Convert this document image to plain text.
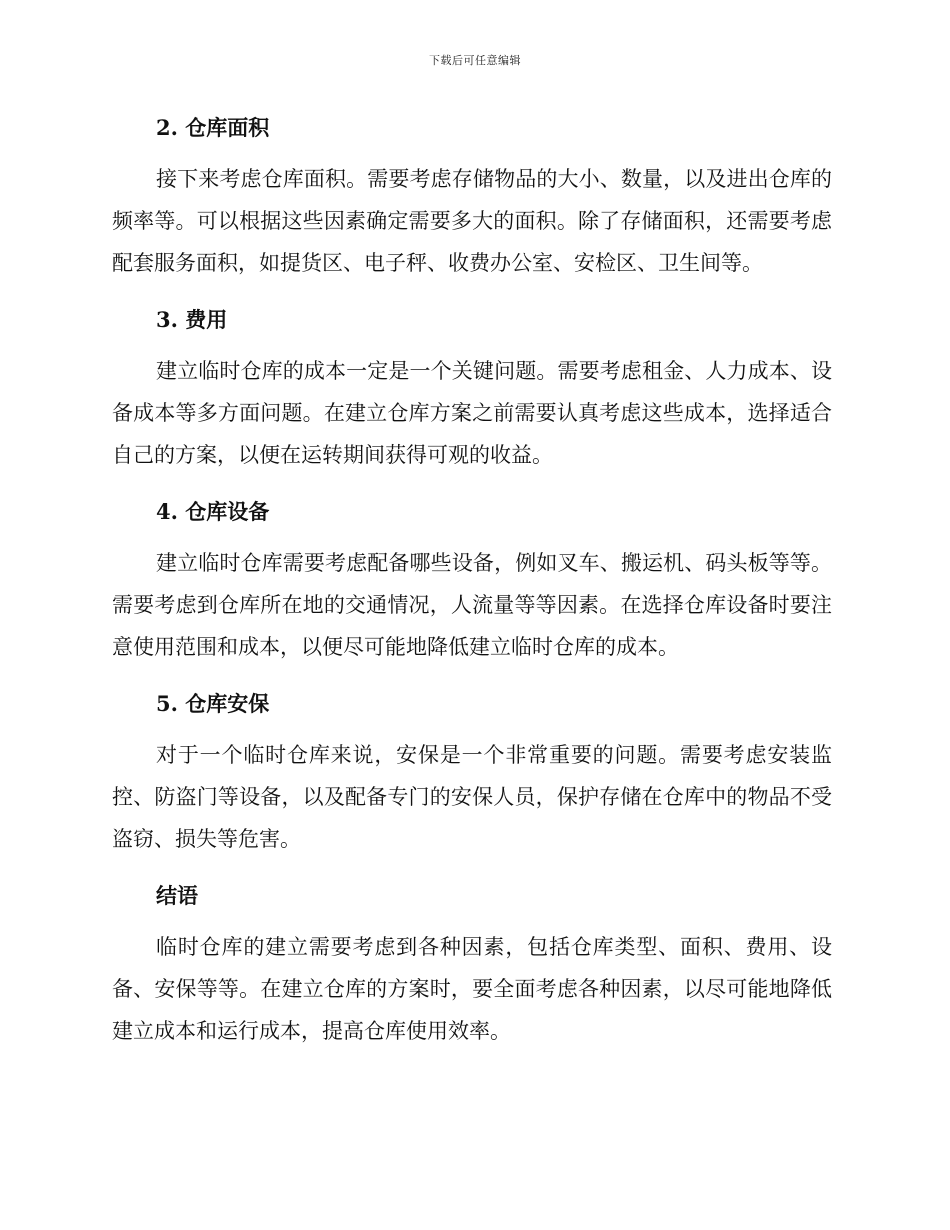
下载后可任意编辑
2. 仓库面积

接下来考虑仓库面积。需要考虑存储物品的大小、数量，以及进出仓库的频率等。可以根据这些因素确定需要多大的面积。除了存储面积，还需要考虑配套服务面积，如提货区、电子秤、收费办公室、安检区、卫生间等。

3. 费用

建立临时仓库的成本一定是一个关键问题。需要考虑租金、人力成本、设备成本等多方面问题。在建立仓库方案之前需要认真考虑这些成本，选择适合自己的方案，以便在运转期间获得可观的收益。

4. 仓库设备

建立临时仓库需要考虑配备哪些设备，例如叉车、搬运机、码头板等等。需要考虑到仓库所在地的交通情况，人流量等等因素。在选择仓库设备时要注意使用范围和成本，以便尽可能地降低建立临时仓库的成本。

5. 仓库安保

对于一个临时仓库来说，安保是一个非常重要的问题。需要考虑安装监控、防盗门等设备，以及配备专门的安保人员，保护存储在仓库中的物品不受盗窃、损失等危害。

结语

临时仓库的建立需要考虑到各种因素，包括仓库类型、面积、费用、设备、安保等等。在建立仓库的方案时，要全面考虑各种因素，以尽可能地降低建立成本和运行成本，提高仓库使用效率。
